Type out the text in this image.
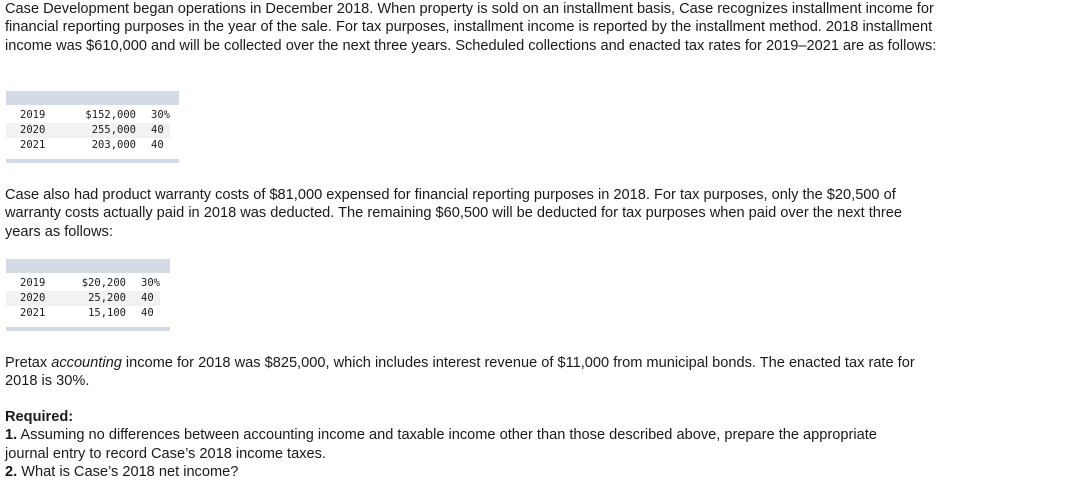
Case Development began operations in December 2018. When property is sold on an installment basis, Case recognizes installment income for financial reporting purposes in the year of the sale. For tax purposes, installment income is reported by the installment method. 2018 installment income was $610,000 and will be collected over the next three years. Scheduled collections and enacted tax rates for 2019–2021 are as follows:

2019	$152,000	30%
2020	255,000	40
2021	203,000	40

Case also had product warranty costs of $81,000 expensed for financial reporting purposes in 2018. For tax purposes, only the $20,500 of warranty costs actually paid in 2018 was deducted. The remaining $60,500 will be deducted for tax purposes when paid over the next three years as follows:

2019	$20,200	30%
2020	25,200	40
2021	15,100	40

Pretax accounting income for 2018 was $825,000, which includes interest revenue of $11,000 from municipal bonds. The enacted tax rate for 2018 is 30%.

Required:
1. Assuming no differences between accounting income and taxable income other than those described above, prepare the appropriate journal entry to record Case’s 2018 income taxes.
2. What is Case’s 2018 net income?
